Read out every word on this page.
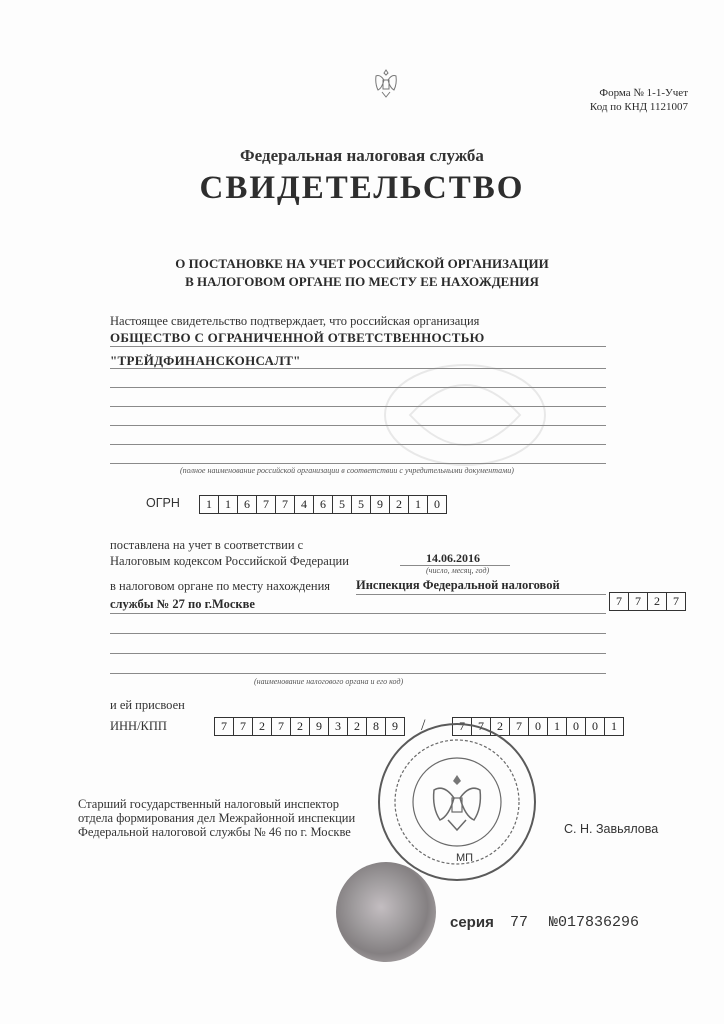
Форма № 1-1-Учет
Код по КНД 1121007
Федеральная налоговая служба
СВИДЕТЕЛЬСТВО
О ПОСТАНОВКЕ НА УЧЕТ РОССИЙСКОЙ ОРГАНИЗАЦИИ
В НАЛОГОВОМ ОРГАНЕ ПО МЕСТУ ЕЕ НАХОЖДЕНИЯ
Настоящее свидетельство подтверждает, что российская организация
ОБЩЕСТВО С ОГРАНИЧЕННОЙ ОТВЕТСТВЕННОСТЬЮ
"ТРЕЙДФИНАНСКОНСАЛТ"
(полное наименование российской организации в соответствии с учредительными документами)
ОГРН	1	1	6	7	7	4	6	5	5	9	2	1	0
поставлена на учет в соответствии с
Налоговым кодексом Российской Федерации	14.06.2016
(число, месяц, год)
в налоговом органе по месту нахождения Инспекция Федеральной налоговой
службы № 27 по г.Москве	7	7	2	7
(наименование налогового органа и его код)
и ей присвоен
ИНН/КПП	7	7	2	7	2	9	3	2	8	9	/	7	7	2	7	0	1	0	0	1
Старший государственный налоговый инспектор
отдела формирования дел Межрайонной инспекции
Федеральной налоговой службы № 46 по г. Москве	С. Н. Завьялова
МП
серия 77 №017836296
